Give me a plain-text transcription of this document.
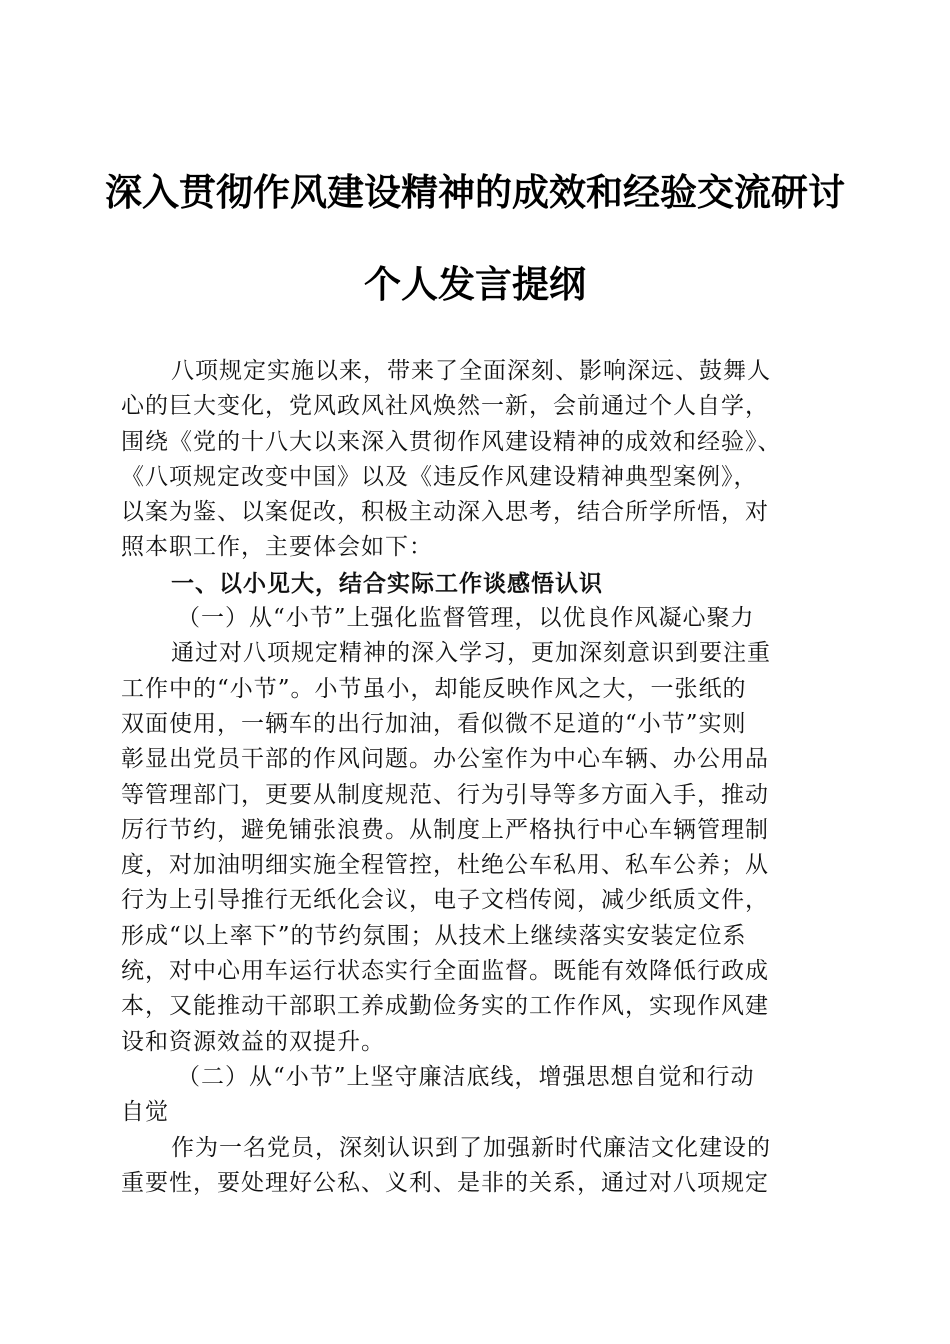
深入贯彻作风建设精神的成效和经验交流研讨
个人发言提纲
八项规定实施以来，带来了全面深刻、影响深远、鼓舞人
心的巨大变化，党风政风社风焕然一新，会前通过个人自学，
围绕《党的十八大以来深入贯彻作风建设精神的成效和经验》、
《八项规定改变中国》以及《违反作风建设精神典型案例》，
以案为鉴、以案促改，积极主动深入思考，结合所学所悟，对
照本职工作，主要体会如下：
一、以小见大，结合实际工作谈感悟认识
（一）从“小节”上强化监督管理，以优良作风凝心聚力
通过对八项规定精神的深入学习，更加深刻意识到要注重
工作中的“小节”。小节虽小，却能反映作风之大，一张纸的
双面使用，一辆车的出行加油，看似微不足道的“小节”实则
彰显出党员干部的作风问题。办公室作为中心车辆、办公用品
等管理部门，更要从制度规范、行为引导等多方面入手，推动
厉行节约，避免铺张浪费。从制度上严格执行中心车辆管理制
度，对加油明细实施全程管控，杜绝公车私用、私车公养；从
行为上引导推行无纸化会议，电子文档传阅，减少纸质文件，
形成“以上率下”的节约氛围；从技术上继续落实安装定位系
统，对中心用车运行状态实行全面监督。既能有效降低行政成
本，又能推动干部职工养成勤俭务实的工作作风，实现作风建
设和资源效益的双提升。
（二）从“小节”上坚守廉洁底线，增强思想自觉和行动
自觉
作为一名党员，深刻认识到了加强新时代廉洁文化建设的
重要性，要处理好公私、义利、是非的关系，通过对八项规定
